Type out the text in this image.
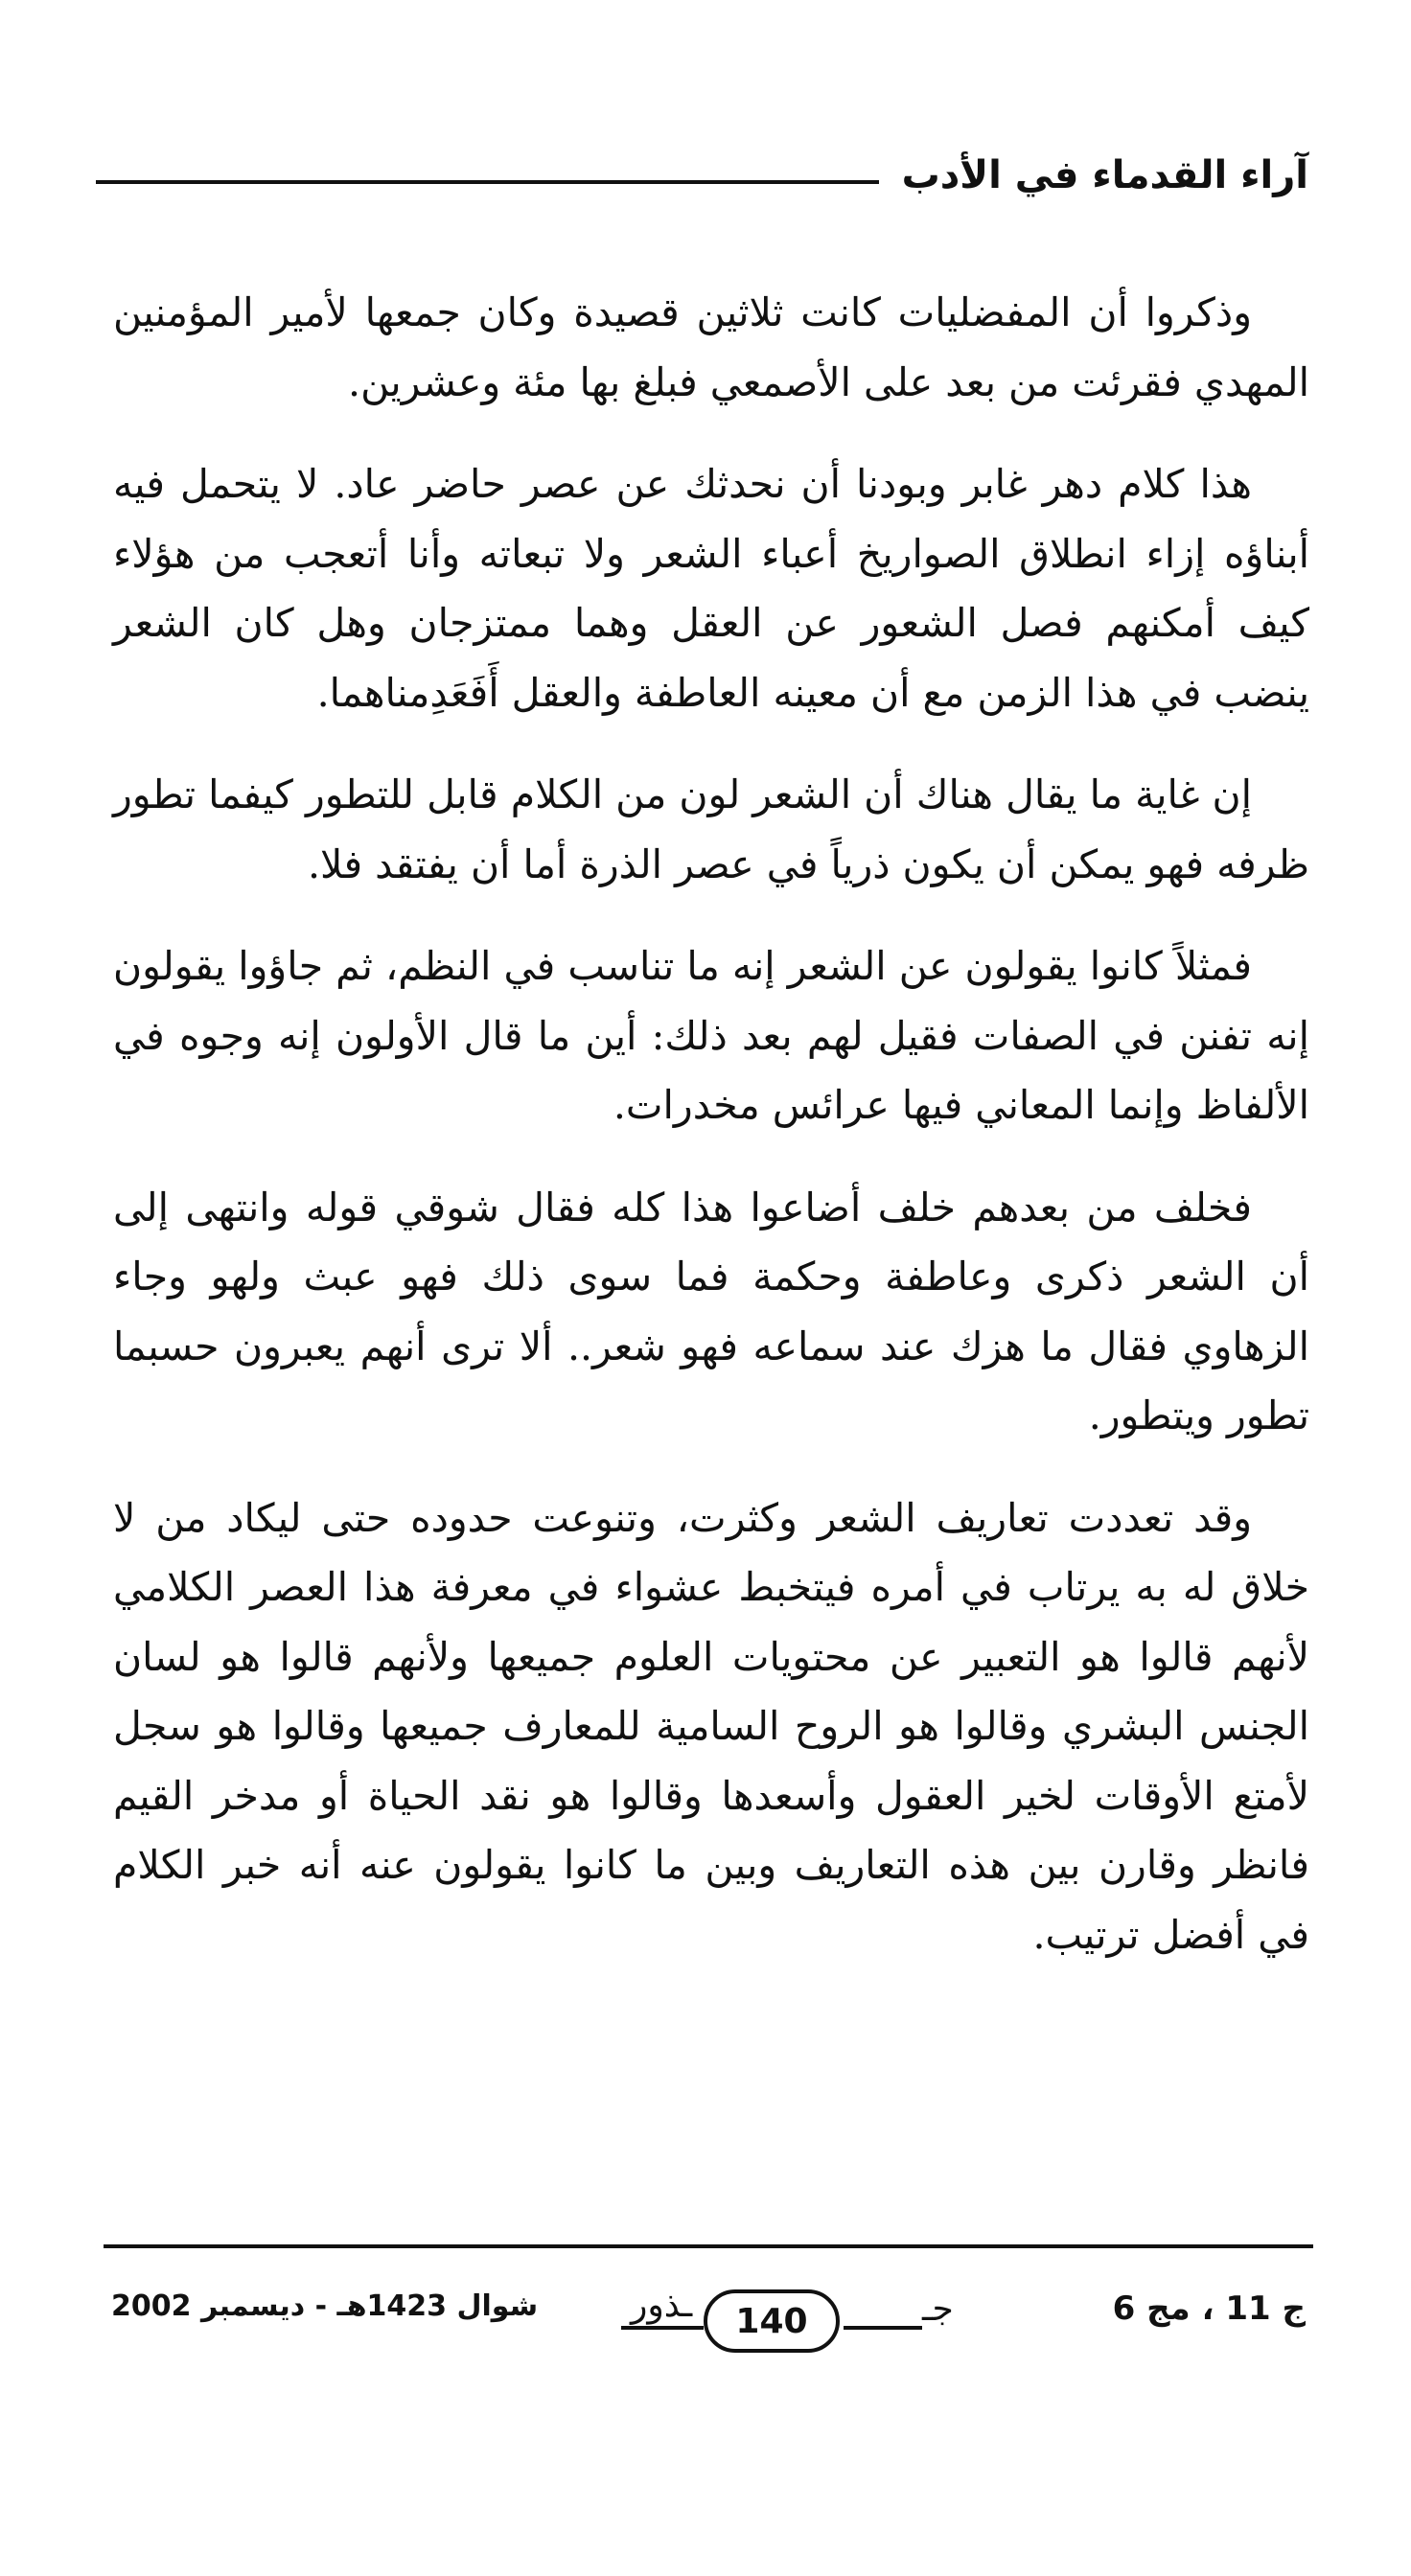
آراء القدماء في الأدب

وذكروا أن المفضليات كانت ثلاثين قصيدة وكان جمعها لأمير المؤمنين المهدي فقرئت من بعد على الأصمعي فبلغ بها مئة وعشرين.

هذا كلام دهر غابر وبودنا أن نحدثك عن عصر حاضر عاد. لا يتحمل فيه أبناؤه إزاء انطلاق الصواريخ أعباء الشعر ولا تبعاته وأنا أتعجب من هؤلاء كيف أمكنهم فصل الشعور عن العقل وهما ممتزجان وهل كان الشعر ينضب في هذا الزمن مع أن معينه العاطفة والعقل أَفَعَدِمناهما.

إن غاية ما يقال هناك أن الشعر لون من الكلام قابل للتطور كيفما تطور ظرفه فهو يمكن أن يكون ذرياً في عصر الذرة أما أن يفتقد فلا.

فمثلاً كانوا يقولون عن الشعر إنه ما تناسب في النظم، ثم جاؤوا يقولون إنه تفنن في الصفات فقيل لهم بعد ذلك: أين ما قال الأولون إنه وجوه في الألفاظ وإنما المعاني فيها عرائس مخدرات.

فخلف من بعدهم خلف أضاعوا هذا كله فقال شوقي قوله وانتهى إلى أن الشعر ذكرى وعاطفة وحكمة فما سوى ذلك فهو عبث ولهو وجاء الزهاوي فقال ما هزك عند سماعه فهو شعر.. ألا ترى أنهم يعبرون حسبما تطور ويتطور.

وقد تعددت تعاريف الشعر وكثرت، وتنوعت حدوده حتى ليكاد من لا خلاق له به يرتاب في أمره فيتخبط عشواء في معرفة هذا العصر الكلامي لأنهم قالوا هو التعبير عن محتويات العلوم جميعها ولأنهم قالوا هو لسان الجنس البشري وقالوا هو الروح السامية للمعارف جميعها وقالوا هو سجل لأمتع الأوقات لخير العقول وأسعدها وقالوا هو نقد الحياة أو مدخر القيم فانظر وقارن بين هذه التعاريف وبين ما كانوا يقولون عنه أنه خبر الكلام في أفضل ترتيب.

ج 11 ، مج 6
ـذور	140	جـ
شوال 1423هـ - ديسمبر 2002
